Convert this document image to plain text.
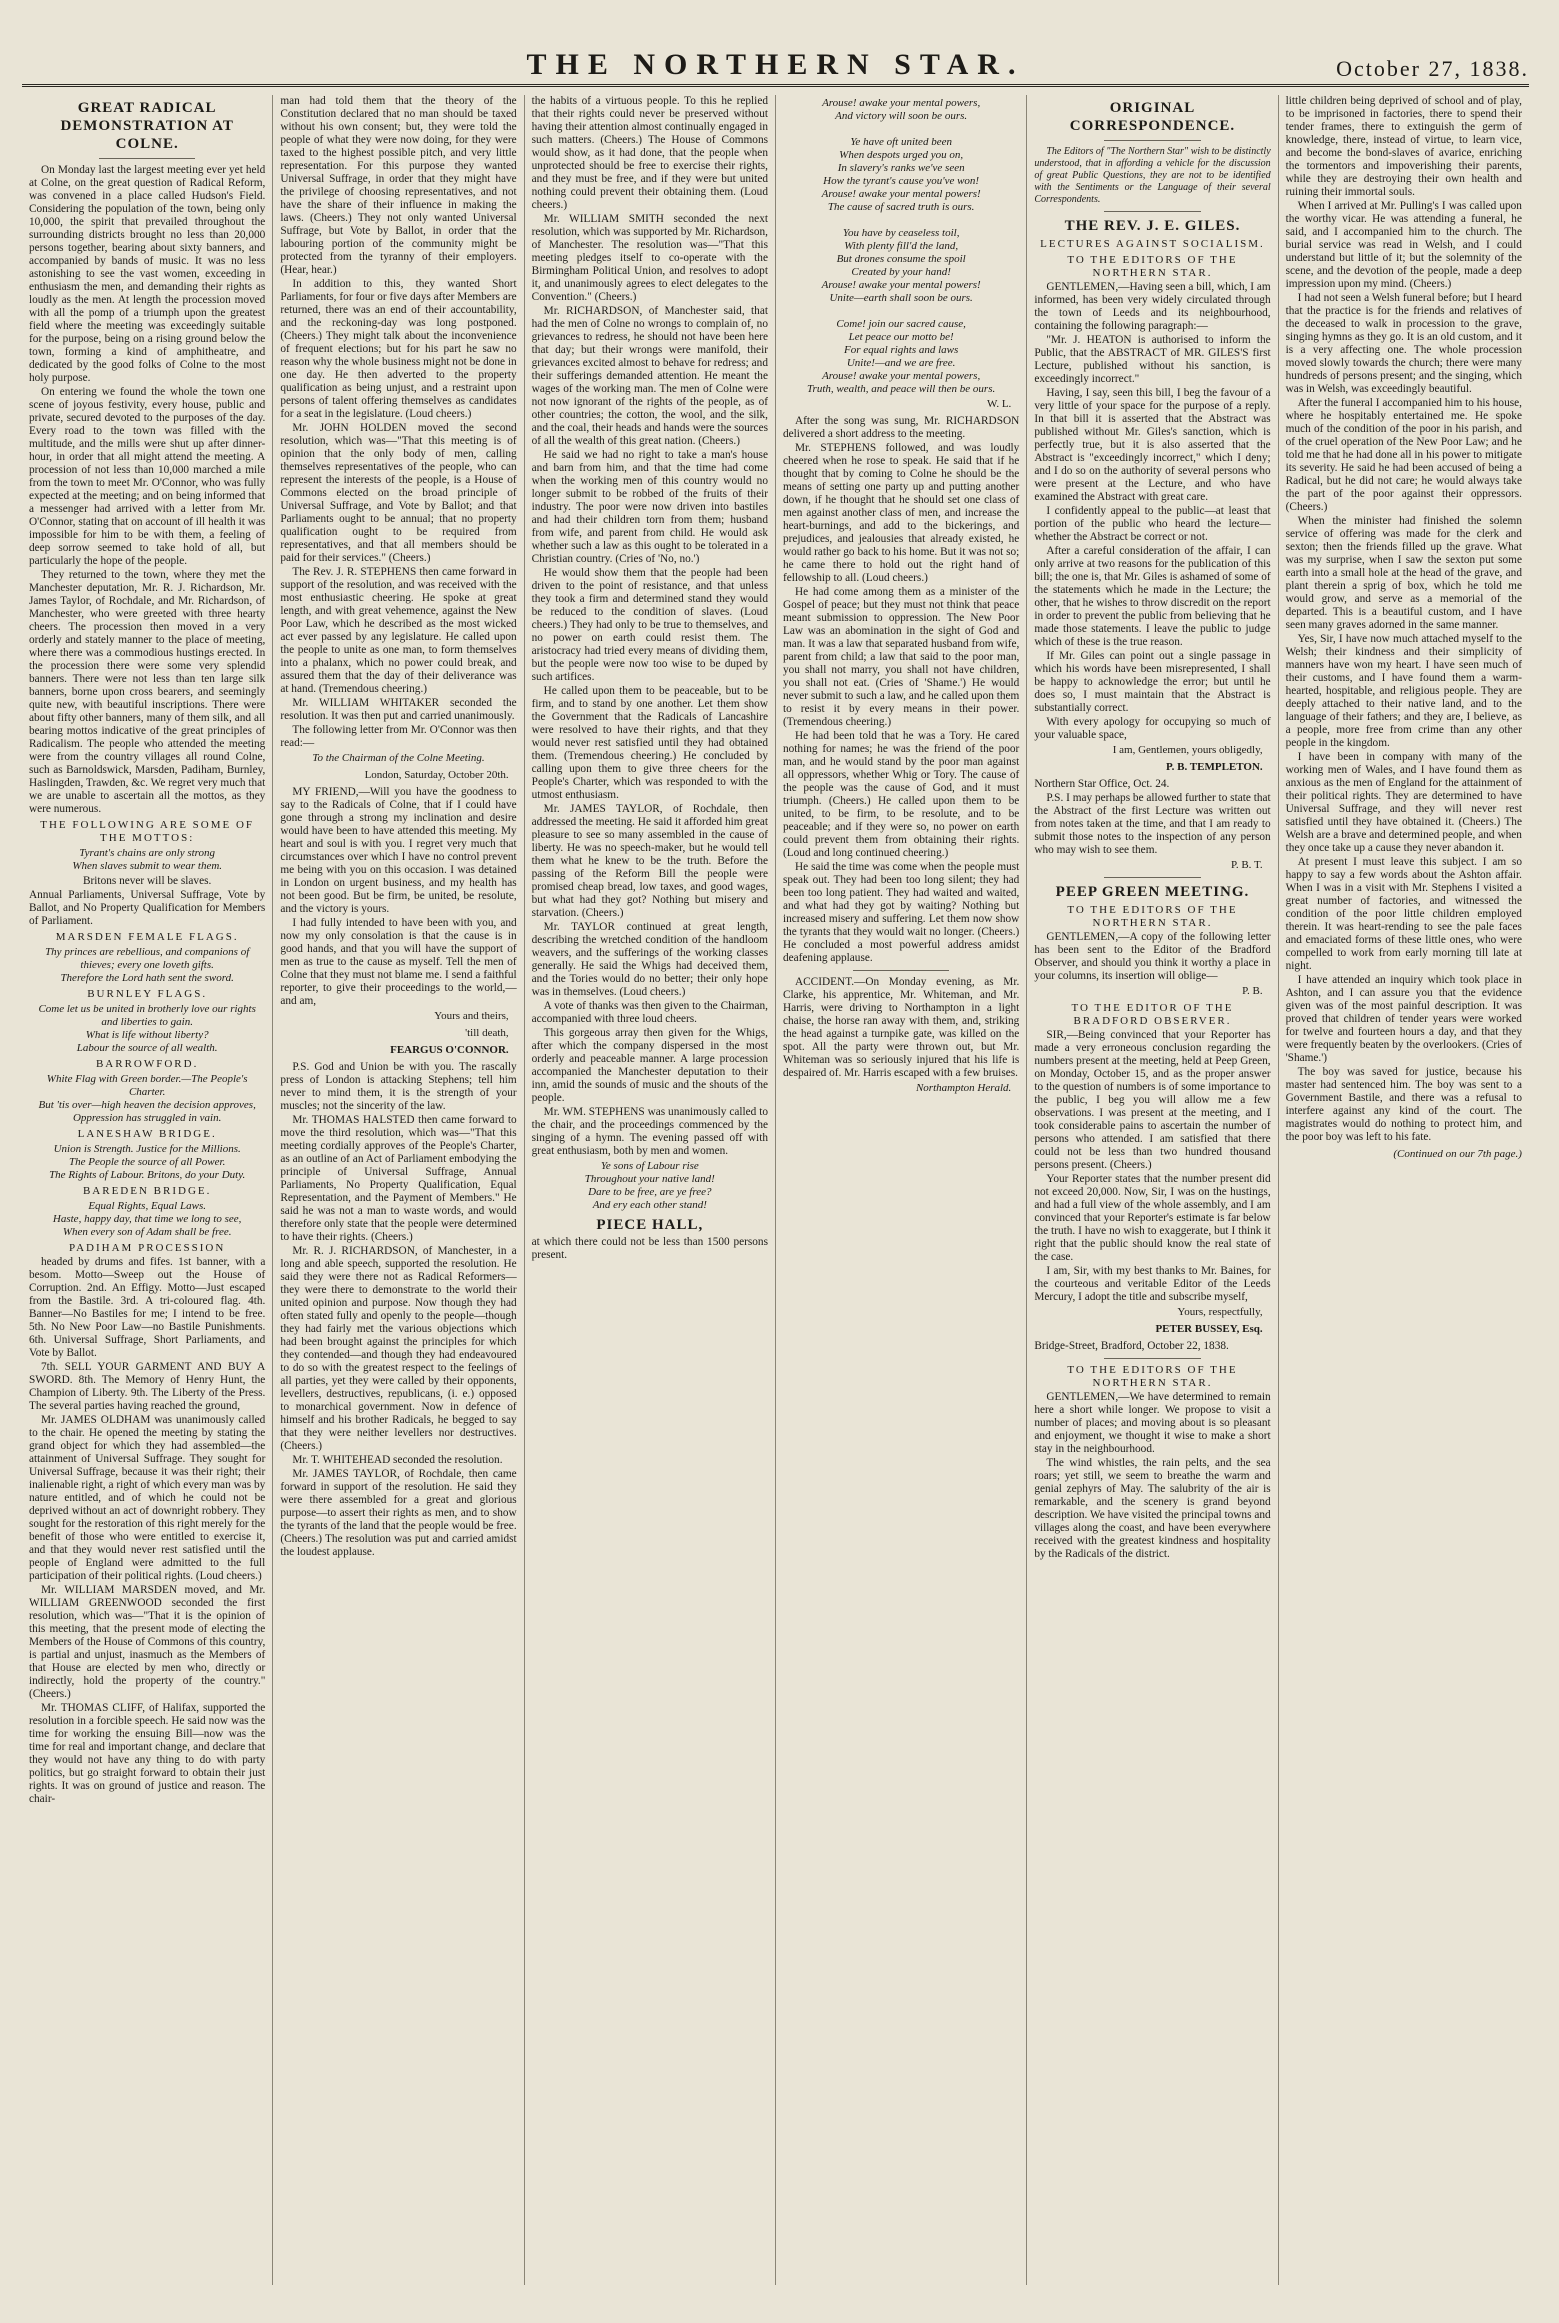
THE NORTHERN STAR.	October 27, 1838.
GREAT RADICAL DEMONSTRATION AT COLNE.

On Monday last the largest meeting ever yet held at Colne, on the great question of Radical Reform, was convened in a place called Hudson's Field. Considering the population of the town, being only 10,000, the spirit that prevailed throughout the surrounding districts brought no less than 20,000 persons together, bearing about sixty banners, and accompanied by bands of music. It was no less astonishing to see the vast women, exceeding in enthusiasm the men, and demanding their rights as loudly as the men. At length the procession moved with all the pomp of a triumph upon the greatest field where the meeting was exceedingly suitable for the purpose, being on a rising ground below the town, forming a kind of amphitheatre, and dedicated by the good folks of Colne to the most holy purpose.

On entering we found the whole the town one scene of joyous festivity, every house, public and private, secured devoted to the purposes of the day. Every road to the town was filled with the multitude, and the mills were shut up after dinner-hour, in order that all might attend the meeting. A procession of not less than 10,000 marched a mile from the town to meet Mr. O'Connor, who was fully expected at the meeting; and on being informed that a messenger had arrived with a letter from Mr. O'Connor, stating that on account of ill health it was impossible for him to be with them, a feeling of deep sorrow seemed to take hold of all, but particularly the hope of the people.

They returned to the town, where they met the Manchester deputation, Mr. R. J. Richardson, Mr. James Taylor, of Rochdale, and Mr. Richardson, of Manchester, who were greeted with three hearty cheers. The procession then moved in a very orderly and stately manner to the place of meeting, where there was a commodious hustings erected. In the procession there were some very splendid banners. There were not less than ten large silk banners, borne upon cross bearers, and seemingly quite new, with beautiful inscriptions. There were about fifty other banners, many of them silk, and all bearing mottos indicative of the great principles of Radicalism. The people who attended the meeting were from the country villages all round Colne, such as Barnoldswick, Marsden, Padiham, Burnley, Haslingden, Trawden, &c. We regret very much that we are unable to ascertain all the mottos, as they were numerous.

THE FOLLOWING ARE SOME OF THE MOTTOS:
Tyrant's chains are only strong
When slaves submit to wear them.

Britons never will be slaves.

Annual Parliaments, Universal Suffrage, Vote by Ballot, and No Property Qualification for Members of Parliament.

MARSDEN FEMALE FLAGS.
Thy princes are rebellious, and companions of thieves; every one loveth gifts.
Therefore the Lord hath sent the sword.
BURNLEY FLAGS.
Come let us be united in brotherly love our rights and liberties to gain.
What is life without liberty?
Labour the source of all wealth.
BARROWFORD.
White Flag with Green border.—The People's Charter.
But 'tis over—high heaven the decision approves,
Oppression has struggled in vain.
LANESHAW BRIDGE.
Union is Strength. Justice for the Millions.
The People the source of all Power.
The Rights of Labour. Britons, do your Duty.
BAREDEN BRIDGE.
Equal Rights, Equal Laws.
Haste, happy day, that time we long to see,
When every son of Adam shall be free.
PADIHAM PROCESSION

headed by drums and fifes. 1st banner, with a besom. Motto—Sweep out the House of Corruption. 2nd. An Effigy. Motto—Just escaped from the Bastile. 3rd. A tri-coloured flag. 4th. Banner—No Bastiles for me; I intend to be free. 5th. No New Poor Law—no Bastile Punishments. 6th. Universal Suffrage, Short Parliaments, and Vote by Ballot.

7th. SELL YOUR GARMENT AND BUY A SWORD. 8th. The Memory of Henry Hunt, the Champion of Liberty. 9th. The Liberty of the Press. The several parties having reached the ground,

Mr. JAMES OLDHAM was unanimously called to the chair. He opened the meeting by stating the grand object for which they had assembled—the attainment of Universal Suffrage. They sought for Universal Suffrage, because it was their right; their inalienable right, a right of which every man was by nature entitled, and of which he could not be deprived without an act of downright robbery. They sought for the restoration of this right merely for the benefit of those who were entitled to exercise it, and that they would never rest satisfied until the people of England were admitted to the full participation of their political rights. (Loud cheers.)

Mr. WILLIAM MARSDEN moved, and Mr. WILLIAM GREENWOOD seconded the first resolution, which was—"That it is the opinion of this meeting, that the present mode of electing the Members of the House of Commons of this country, is partial and unjust, inasmuch as the Members of that House are elected by men who, directly or indirectly, hold the property of the country." (Cheers.)

Mr. THOMAS CLIFF, of Halifax, supported the resolution in a forcible speech. He said now was the time for working the ensuing Bill—now was the time for real and important change, and declare that they would not have any thing to do with party politics, but go straight forward to obtain their just rights. It was on ground of justice and reason. The chair-

man had told them that the theory of the Constitution declared that no man should be taxed without his own consent; but, they were told the people of what they were now doing, for they were taxed to the highest possible pitch, and very little representation. For this purpose they wanted Universal Suffrage, in order that they might have the privilege of choosing representatives, and not have the share of their influence in making the laws. (Cheers.) They not only wanted Universal Suffrage, but Vote by Ballot, in order that the labouring portion of the community might be protected from the tyranny of their employers. (Hear, hear.)

In addition to this, they wanted Short Parliaments, for four or five days after Members are returned, there was an end of their accountability, and the reckoning-day was long postponed. (Cheers.) They might talk about the inconvenience of frequent elections; but for his part he saw no reason why the whole business might not be done in one day. He then adverted to the property qualification as being unjust, and a restraint upon persons of talent offering themselves as candidates for a seat in the legislature. (Loud cheers.)

Mr. JOHN HOLDEN moved the second resolution, which was—"That this meeting is of opinion that the only body of men, calling themselves representatives of the people, who can represent the interests of the people, is a House of Commons elected on the broad principle of Universal Suffrage, and Vote by Ballot; and that Parliaments ought to be annual; that no property qualification ought to be required from representatives, and that all members should be paid for their services." (Cheers.)

The Rev. J. R. STEPHENS then came forward in support of the resolution, and was received with the most enthusiastic cheering. He spoke at great length, and with great vehemence, against the New Poor Law, which he described as the most wicked act ever passed by any legislature. He called upon the people to unite as one man, to form themselves into a phalanx, which no power could break, and assured them that the day of their deliverance was at hand. (Tremendous cheering.)

Mr. WILLIAM WHITAKER seconded the resolution. It was then put and carried unanimously.

The following letter from Mr. O'Connor was then read:—

To the Chairman of the Colne Meeting.
London, Saturday, October 20th.

MY FRIEND,—Will you have the goodness to say to the Radicals of Colne, that if I could have gone through a strong my inclination and desire would have been to have attended this meeting. My heart and soul is with you. I regret very much that circumstances over which I have no control prevent me being with you on this occasion. I was detained in London on urgent business, and my health has not been good. But be firm, be united, be resolute, and the victory is yours.

I had fully intended to have been with you, and now my only consolation is that the cause is in good hands, and that you will have the support of men as true to the cause as myself. Tell the men of Colne that they must not blame me. I send a faithful reporter, to give their proceedings to the world,—and am,

Yours and theirs,
'till death,
FEARGUS O'CONNOR.

P.S. God and Union be with you. The rascally press of London is attacking Stephens; tell him never to mind them, it is the strength of your muscles; not the sincerity of the law.

Mr. THOMAS HALSTED then came forward to move the third resolution, which was—"That this meeting cordially approves of the People's Charter, as an outline of an Act of Parliament embodying the principle of Universal Suffrage, Annual Parliaments, No Property Qualification, Equal Representation, and the Payment of Members." He said he was not a man to waste words, and would therefore only state that the people were determined to have their rights. (Cheers.)

Mr. R. J. RICHARDSON, of Manchester, in a long and able speech, supported the resolution. He said they were there not as Radical Reformers—they were there to demonstrate to the world their united opinion and purpose. Now though they had often stated fully and openly to the people—though they had fairly met the various objections which had been brought against the principles for which they contended—and though they had endeavoured to do so with the greatest respect to the feelings of all parties, yet they were called by their opponents, levellers, destructives, republicans, (i. e.) opposed to monarchical government. Now in defence of himself and his brother Radicals, he begged to say that they were neither levellers nor destructives. (Cheers.)

Mr. T. WHITEHEAD seconded the resolution.

Mr. JAMES TAYLOR, of Rochdale, then came forward in support of the resolution. He said they were there assembled for a great and glorious purpose—to assert their rights as men, and to show the tyrants of the land that the people would be free. (Cheers.) The resolution was put and carried amidst the loudest applause.

the habits of a virtuous people. To this he replied that their rights could never be preserved without having their attention almost continually engaged in such matters. (Cheers.) The House of Commons would show, as it had done, that the people when unprotected should be free to exercise their rights, and they must be free, and if they were but united nothing could prevent their obtaining them. (Loud cheers.)

Mr. WILLIAM SMITH seconded the next resolution, which was supported by Mr. Richardson, of Manchester. The resolution was—"That this meeting pledges itself to co-operate with the Birmingham Political Union, and resolves to adopt it, and unanimously agrees to elect delegates to the Convention." (Cheers.)

Mr. RICHARDSON, of Manchester said, that had the men of Colne no wrongs to complain of, no grievances to redress, he should not have been here that day; but their wrongs were manifold, their grievances excited almost to behave for redress; and their sufferings demanded attention. He meant the wages of the working man. The men of Colne were not now ignorant of the rights of the people, as of other countries; the cotton, the wool, and the silk, and the coal, their heads and hands were the sources of all the wealth of this great nation. (Cheers.)

He said we had no right to take a man's house and barn from him, and that the time had come when the working men of this country would no longer submit to be robbed of the fruits of their industry. The poor were now driven into bastiles and had their children torn from them; husband from wife, and parent from child. He would ask whether such a law as this ought to be tolerated in a Christian country. (Cries of 'No, no.')

He would show them that the people had been driven to the point of resistance, and that unless they took a firm and determined stand they would be reduced to the condition of slaves. (Loud cheers.) They had only to be true to themselves, and no power on earth could resist them. The aristocracy had tried every means of dividing them, but the people were now too wise to be duped by such artifices.

He called upon them to be peaceable, but to be firm, and to stand by one another. Let them show the Government that the Radicals of Lancashire were resolved to have their rights, and that they would never rest satisfied until they had obtained them. (Tremendous cheering.) He concluded by calling upon them to give three cheers for the People's Charter, which was responded to with the utmost enthusiasm.

Mr. JAMES TAYLOR, of Rochdale, then addressed the meeting. He said it afforded him great pleasure to see so many assembled in the cause of liberty. He was no speech-maker, but he would tell them what he knew to be the truth. Before the passing of the Reform Bill the people were promised cheap bread, low taxes, and good wages, but what had they got? Nothing but misery and starvation. (Cheers.)

Mr. TAYLOR continued at great length, describing the wretched condition of the handloom weavers, and the sufferings of the working classes generally. He said the Whigs had deceived them, and the Tories would do no better; their only hope was in themselves. (Loud cheers.)

A vote of thanks was then given to the Chairman, accompanied with three loud cheers.

This gorgeous array then given for the Whigs, after which the company dispersed in the most orderly and peaceable manner. A large procession accompanied the Manchester deputation to their inn, amid the sounds of music and the shouts of the people.

Mr. WM. STEPHENS was unanimously called to the chair, and the proceedings commenced by the singing of a hymn. The evening passed off with great enthusiasm, both by men and women.

Ye sons of Labour rise
Throughout your native land!
Dare to be free, are ye free?
And ery each other stand!
PIECE HALL,

at which there could not be less than 1500 persons present.

Arouse! awake your mental powers,
And victory will soon be ours.

Ye have oft united been
When despots urged you on,
In slavery's ranks we've seen
How the tyrant's cause you've won!
Arouse! awake your mental powers!
The cause of sacred truth is ours.

You have by ceaseless toil,
With plenty fill'd the land,
But drones consume the spoil
Created by your hand!
Arouse! awake your mental powers!
Unite—earth shall soon be ours.

Come! join our sacred cause,
Let peace our motto be!
For equal rights and laws
Unite!—and we are free.
Arouse! awake your mental powers,
Truth, wealth, and peace will then be ours.
W. L.

After the song was sung, Mr. RICHARDSON delivered a short address to the meeting.

Mr. STEPHENS followed, and was loudly cheered when he rose to speak. He said that if he thought that by coming to Colne he should be the means of setting one party up and putting another down, if he thought that he should set one class of men against another class of men, and increase the heart-burnings, and add to the bickerings, and prejudices, and jealousies that already existed, he would rather go back to his home. But it was not so; he came there to hold out the right hand of fellowship to all. (Loud cheers.)

He had come among them as a minister of the Gospel of peace; but they must not think that peace meant submission to oppression. The New Poor Law was an abomination in the sight of God and man. It was a law that separated husband from wife, parent from child; a law that said to the poor man, you shall not marry, you shall not have children, you shall not eat. (Cries of 'Shame.') He would never submit to such a law, and he called upon them to resist it by every means in their power. (Tremendous cheering.)

He had been told that he was a Tory. He cared nothing for names; he was the friend of the poor man, and he would stand by the poor man against all oppressors, whether Whig or Tory. The cause of the people was the cause of God, and it must triumph. (Cheers.) He called upon them to be united, to be firm, to be resolute, and to be peaceable; and if they were so, no power on earth could prevent them from obtaining their rights. (Loud and long continued cheering.)

He said the time was come when the people must speak out. They had been too long silent; they had been too long patient. They had waited and waited, and what had they got by waiting? Nothing but increased misery and suffering. Let them now show the tyrants that they would wait no longer. (Cheers.) He concluded a most powerful address amidst deafening applause.

ACCIDENT.—On Monday evening, as Mr. Clarke, his apprentice, Mr. Whiteman, and Mr. Harris, were driving to Northampton in a light chaise, the horse ran away with them, and, striking the head against a turnpike gate, was killed on the spot. All the party were thrown out, but Mr. Whiteman was so seriously injured that his life is despaired of. Mr. Harris escaped with a few bruises.

Northampton Herald.
ORIGINAL CORRESPONDENCE.

The Editors of "The Northern Star" wish to be distinctly understood, that in affording a vehicle for the discussion of great Public Questions, they are not to be identified with the Sentiments or the Language of their several Correspondents.

THE REV. J. E. GILES.
LECTURES AGAINST SOCIALISM.
TO THE EDITORS OF THE NORTHERN STAR.

GENTLEMEN,—Having seen a bill, which, I am informed, has been very widely circulated through the town of Leeds and its neighbourhood, containing the following paragraph:—

"Mr. J. HEATON is authorised to inform the Public, that the ABSTRACT of MR. GILES'S first Lecture, published without his sanction, is exceedingly incorrect."

Having, I say, seen this bill, I beg the favour of a very little of your space for the purpose of a reply. In that bill it is asserted that the Abstract was published without Mr. Giles's sanction, which is perfectly true, but it is also asserted that the Abstract is "exceedingly incorrect," which I deny; and I do so on the authority of several persons who were present at the Lecture, and who have examined the Abstract with great care.

I confidently appeal to the public—at least that portion of the public who heard the lecture—whether the Abstract be correct or not.

After a careful consideration of the affair, I can only arrive at two reasons for the publication of this bill; the one is, that Mr. Giles is ashamed of some of the statements which he made in the Lecture; the other, that he wishes to throw discredit on the report in order to prevent the public from believing that he made those statements. I leave the public to judge which of these is the true reason.

If Mr. Giles can point out a single passage in which his words have been misrepresented, I shall be happy to acknowledge the error; but until he does so, I must maintain that the Abstract is substantially correct.

With every apology for occupying so much of your valuable space,

I am, Gentlemen, yours obligedly,
P. B. TEMPLETON.

Northern Star Office, Oct. 24.

P.S. I may perhaps be allowed further to state that the Abstract of the first Lecture was written out from notes taken at the time, and that I am ready to submit those notes to the inspection of any person who may wish to see them.

P. B. T.
PEEP GREEN MEETING.
TO THE EDITORS OF THE NORTHERN STAR.

GENTLEMEN,—A copy of the following letter has been sent to the Editor of the Bradford Observer, and should you think it worthy a place in your columns, its insertion will oblige—

P. B.
TO THE EDITOR OF THE BRADFORD OBSERVER.

SIR,—Being convinced that your Reporter has made a very erroneous conclusion regarding the numbers present at the meeting, held at Peep Green, on Monday, October 15, and as the proper answer to the question of numbers is of some importance to the public, I beg you will allow me a few observations. I was present at the meeting, and I took considerable pains to ascertain the number of persons who attended. I am satisfied that there could not be less than two hundred thousand persons present. (Cheers.)

Your Reporter states that the number present did not exceed 20,000. Now, Sir, I was on the hustings, and had a full view of the whole assembly, and I am convinced that your Reporter's estimate is far below the truth. I have no wish to exaggerate, but I think it right that the public should know the real state of the case.

I am, Sir, with my best thanks to Mr. Baines, for the courteous and veritable Editor of the Leeds Mercury, I adopt the title and subscribe myself,

Yours, respectfully,
PETER BUSSEY, Esq.

Bridge-Street, Bradford, October 22, 1838.

TO THE EDITORS OF THE NORTHERN STAR.

GENTLEMEN,—We have determined to remain here a short while longer. We propose to visit a number of places; and moving about is so pleasant and enjoyment, we thought it wise to make a short stay in the neighbourhood.

The wind whistles, the rain pelts, and the sea roars; yet still, we seem to breathe the warm and genial zephyrs of May. The salubrity of the air is remarkable, and the scenery is grand beyond description. We have visited the principal towns and villages along the coast, and have been everywhere received with the greatest kindness and hospitality by the Radicals of the district.

little children being deprived of school and of play, to be imprisoned in factories, there to spend their tender frames, there to extinguish the germ of knowledge, there, instead of virtue, to learn vice, and become the bond-slaves of avarice, enriching the tormentors and impoverishing their parents, while they are destroying their own health and ruining their immortal souls.

When I arrived at Mr. Pulling's I was called upon the worthy vicar. He was attending a funeral, he said, and I accompanied him to the church. The burial service was read in Welsh, and I could understand but little of it; but the solemnity of the scene, and the devotion of the people, made a deep impression upon my mind. (Cheers.)

I had not seen a Welsh funeral before; but I heard that the practice is for the friends and relatives of the deceased to walk in procession to the grave, singing hymns as they go. It is an old custom, and it is a very affecting one. The whole procession moved slowly towards the church; there were many hundreds of persons present; and the singing, which was in Welsh, was exceedingly beautiful.

After the funeral I accompanied him to his house, where he hospitably entertained me. He spoke much of the condition of the poor in his parish, and of the cruel operation of the New Poor Law; and he told me that he had done all in his power to mitigate its severity. He said he had been accused of being a Radical, but he did not care; he would always take the part of the poor against their oppressors. (Cheers.)

When the minister had finished the solemn service of offering was made for the clerk and sexton; then the friends filled up the grave. What was my surprise, when I saw the sexton put some earth into a small hole at the head of the grave, and plant therein a sprig of box, which he told me would grow, and serve as a memorial of the departed. This is a beautiful custom, and I have seen many graves adorned in the same manner.

Yes, Sir, I have now much attached myself to the Welsh; their kindness and their simplicity of manners have won my heart. I have seen much of their customs, and I have found them a warm-hearted, hospitable, and religious people. They are deeply attached to their native land, and to the language of their fathers; and they are, I believe, as a people, more free from crime than any other people in the kingdom.

I have been in company with many of the working men of Wales, and I have found them as anxious as the men of England for the attainment of their political rights. They are determined to have Universal Suffrage, and they will never rest satisfied until they have obtained it. (Cheers.) The Welsh are a brave and determined people, and when they once take up a cause they never abandon it.

At present I must leave this subject. I am so happy to say a few words about the Ashton affair. When I was in a visit with Mr. Stephens I visited a great number of factories, and witnessed the condition of the poor little children employed therein. It was heart-rending to see the pale faces and emaciated forms of these little ones, who were compelled to work from early morning till late at night.

I have attended an inquiry which took place in Ashton, and I can assure you that the evidence given was of the most painful description. It was proved that children of tender years were worked for twelve and fourteen hours a day, and that they were frequently beaten by the overlookers. (Cries of 'Shame.')

The boy was saved for justice, because his master had sentenced him. The boy was sent to a Government Bastile, and there was a refusal to interfere against any kind of the court. The magistrates would do nothing to protect him, and the poor boy was left to his fate.

(Continued on our 7th page.)
